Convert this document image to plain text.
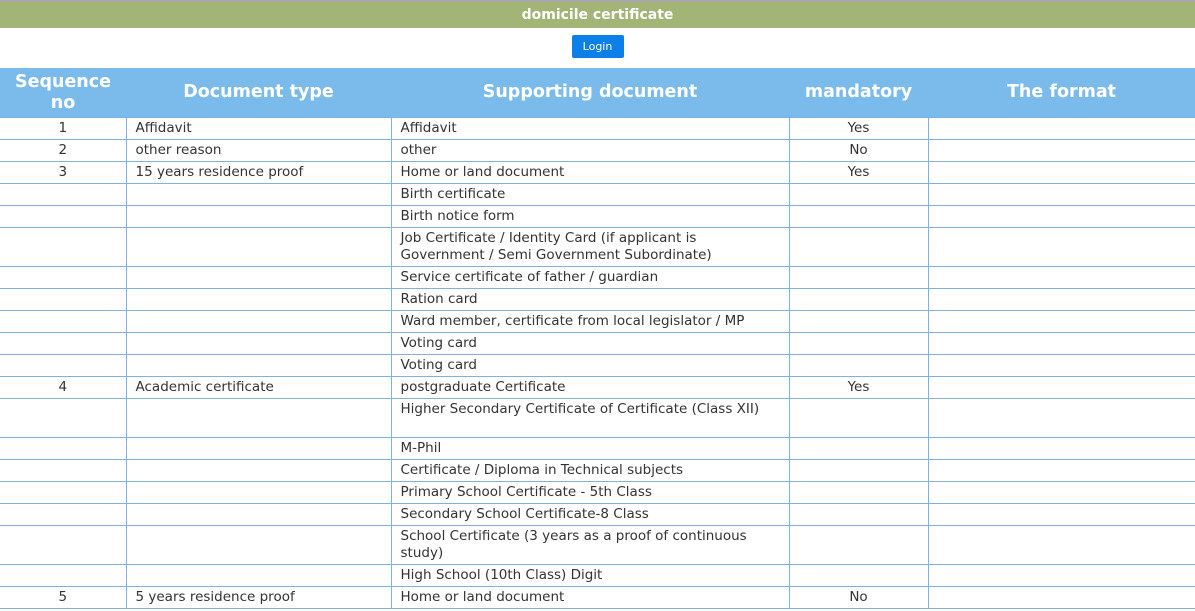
domicile certificate
Login
Sequence no	Document type	Supporting document	mandatory	The format
1	Affidavit	Affidavit	Yes	
2	other reason	other	No	
3	15 years residence proof	Home or land document	Yes	
		Birth certificate		
		Birth notice form		
		Job Certificate / Identity Card (if applicant is Government / Semi Government Subordinate)		
		Service certificate of father / guardian		
		Ration card		
		Ward member, certificate from local legislator / MP		
		Voting card		
		Voting card		
4	Academic certificate	postgraduate Certificate	Yes	
		Higher Secondary Certificate of Certificate (Class XII)		
		M-Phil		
		Certificate / Diploma in Technical subjects		
		Primary School Certificate - 5th Class		
		Secondary School Certificate-8 Class		
		School Certificate (3 years as a proof of continuous study)		
		High School (10th Class) Digit		
5	5 years residence proof	Home or land document	No	
